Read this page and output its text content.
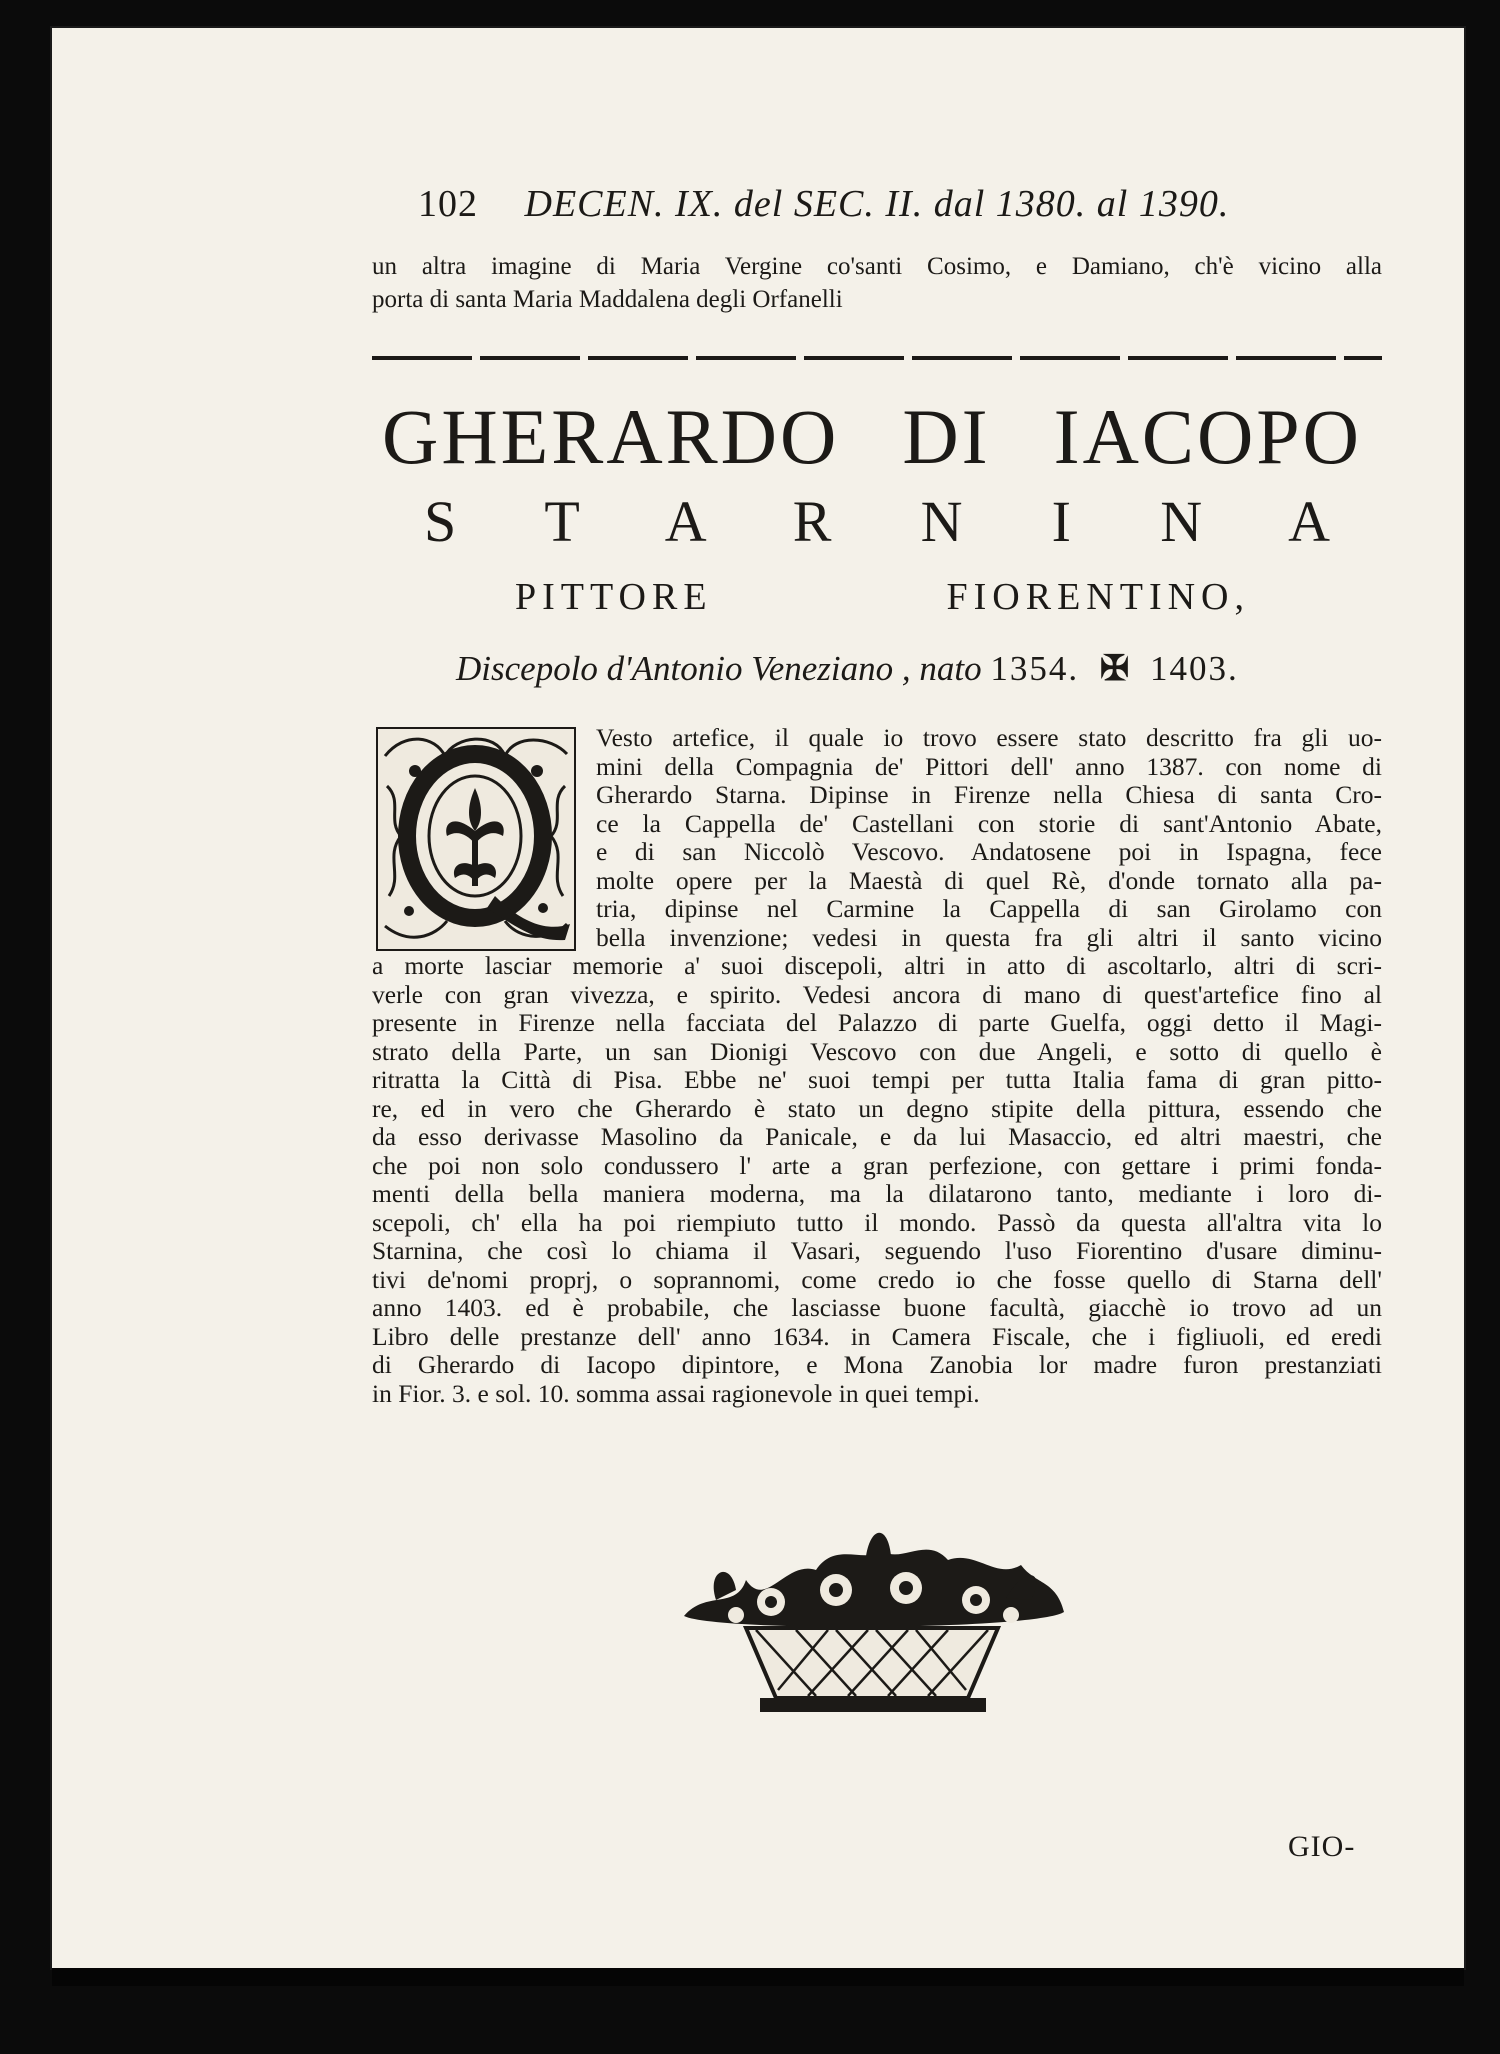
102 DECEN. IX. del SEC. II. dal 1380. al 1390.

un altra imagine di Maria Vergine co'santi Cosimo, e Damiano, ch'è vicino alla

porta di santa Maria Maddalena degli Orfanelli

GHERARDO DI IACOPO
S T A R N I N A
PITTORE FIORENTINO,
Discepolo d'Antonio Veneziano , nato 1354. ✠ 1403.
Vesto artefice, il quale io trovo essere stato descritto fra gli uo-
mini della Compagnia de' Pittori dell' anno 1387. con nome di
Gherardo Starna. Dipinse in Firenze nella Chiesa di santa Cro-
ce la Cappella de' Castellani con storie di sant'Antonio Abate,
e di san Niccolò Vescovo. Andatosene poi in Ispagna, fece
molte opere per la Maestà di quel Rè, d'onde tornato alla pa-
tria, dipinse nel Carmine la Cappella di san Girolamo con
bella invenzione; vedesi in questa fra gli altri il santo vicino
a morte lasciar memorie a' suoi discepoli, altri in atto di ascoltarlo, altri di scri-
verle con gran vivezza, e spirito. Vedesi ancora di mano di quest'artefice fino al
presente in Firenze nella facciata del Palazzo di parte Guelfa, oggi detto il Magi-
strato della Parte, un san Dionigi Vescovo con due Angeli, e sotto di quello è
ritratta la Città di Pisa. Ebbe ne' suoi tempi per tutta Italia fama di gran pitto-
re, ed in vero che Gherardo è stato un degno stipite della pittura, essendo che
da esso derivasse Masolino da Panicale, e da lui Masaccio, ed altri maestri, che
che poi non solo condussero l' arte a gran perfezione, con gettare i primi fonda-
menti della bella maniera moderna, ma la dilatarono tanto, mediante i loro di-
scepoli, ch' ella ha poi riempiuto tutto il mondo. Passò da questa all'altra vita lo
Starnina, che così lo chiama il Vasari, seguendo l'uso Fiorentino d'usare diminu-
tivi de'nomi proprj, o soprannomi, come credo io che fosse quello di Starna dell'
anno 1403. ed è probabile, che lasciasse buone facultà, giacchè io trovo ad un
Libro delle prestanze dell' anno 1634. in Camera Fiscale, che i figliuoli, ed eredi
di Gherardo di Iacopo dipintore, e Mona Zanobia lor madre furon prestanziati
in Fior. 3. e sol. 10. somma assai ragionevole in quei tempi.
GIO-
